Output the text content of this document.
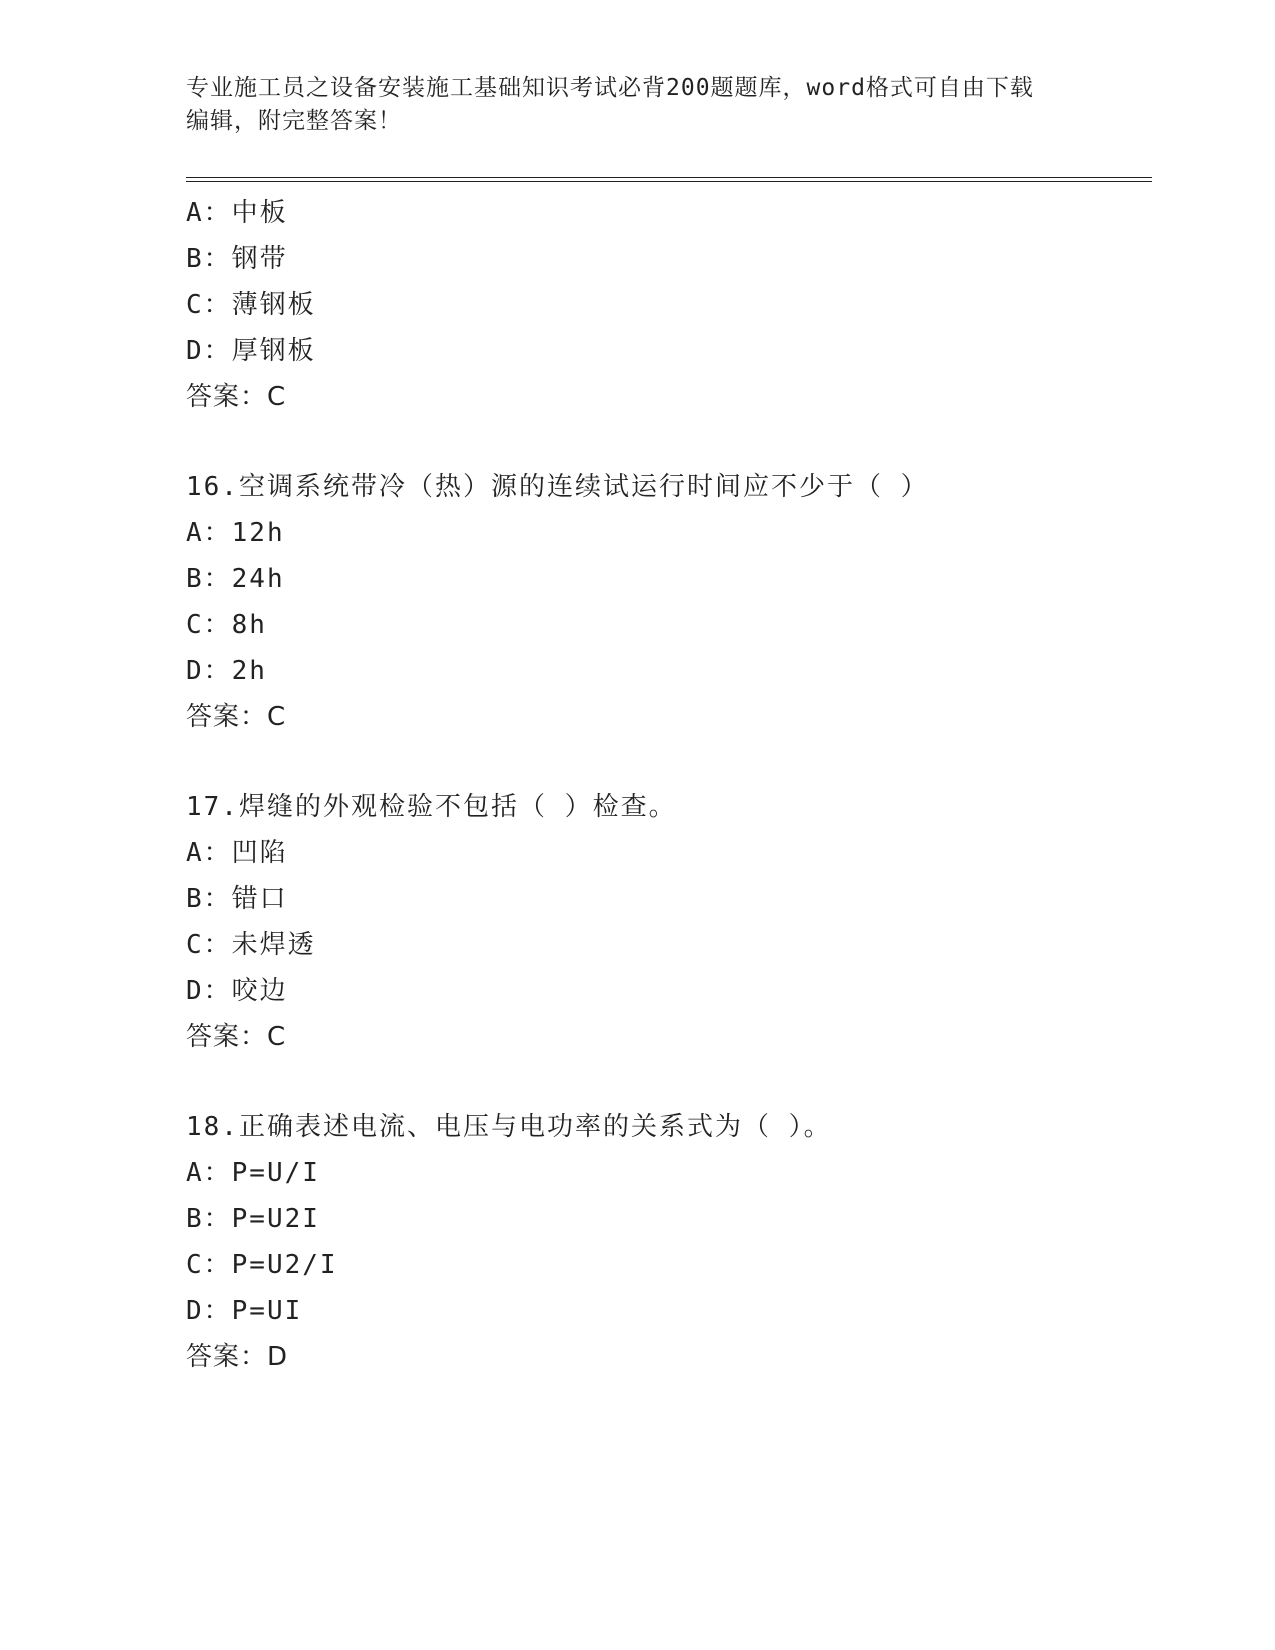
专业施工员之设备安装施工基础知识考试必背200题题库，word格式可自由下载
编辑，附完整答案！
A：中板
B：钢带
C：薄钢板
D：厚钢板
答案：C
16.空调系统带冷（热）源的连续试运行时间应不少于（ ）
A：12h
B：24h
C：8h
D：2h
答案：C
17.焊缝的外观检验不包括（ ）检查。
A：凹陷
B：错口
C：未焊透
D：咬边
答案：C
18.正确表述电流、电压与电功率的关系式为（ ）。
A：P=U/I
B：P=U2I
C：P=U2/I
D：P=UI
答案：D
